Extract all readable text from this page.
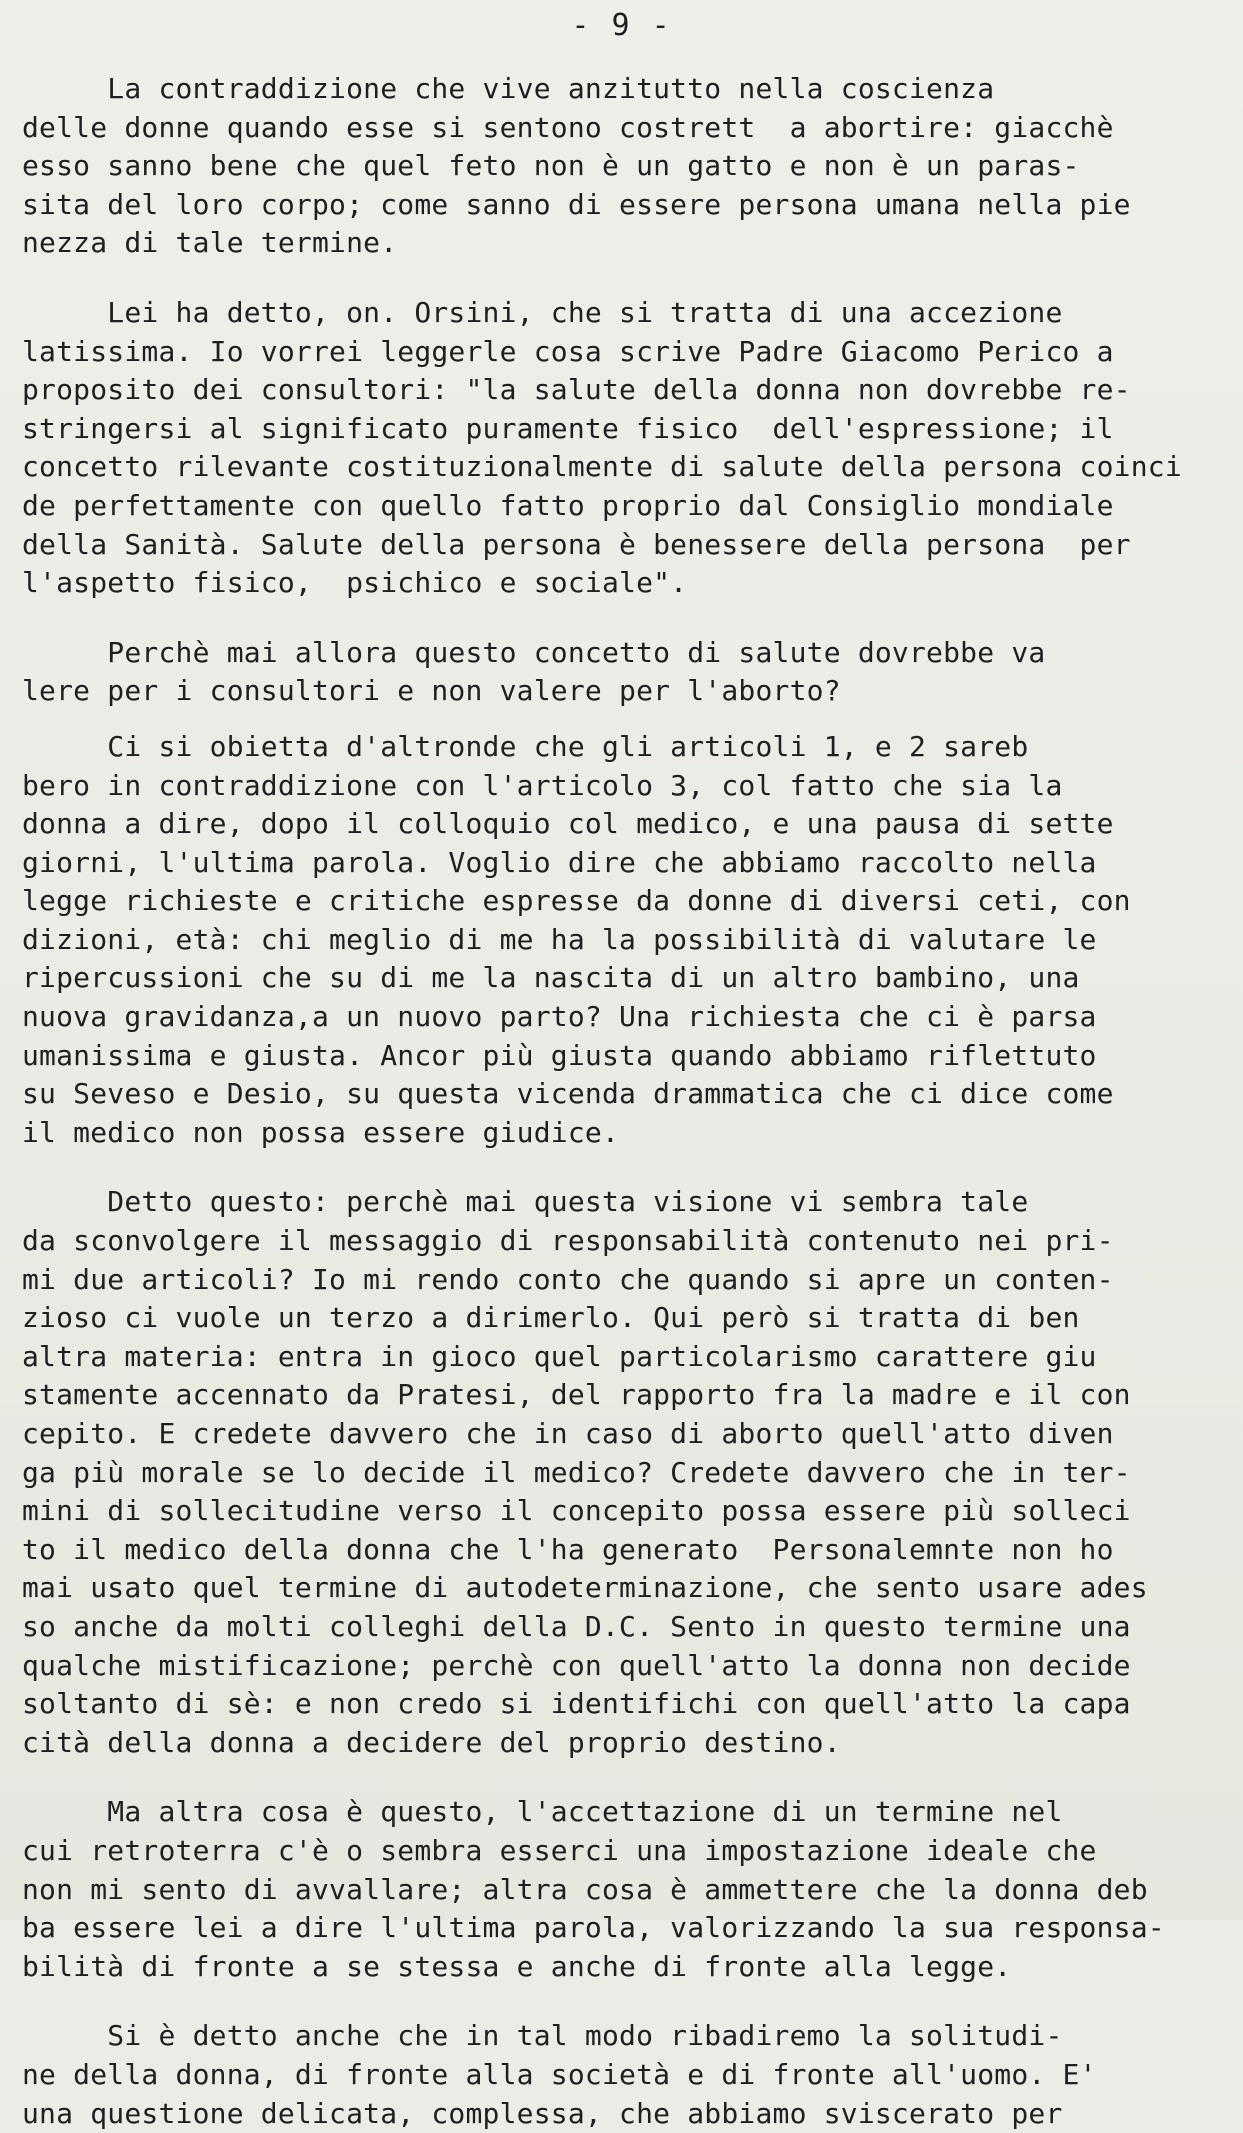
- 9 -
La contraddizione che vive anzitutto nella coscienza
delle donne quando esse si sentono costrett  a abortire: giacchè
esso sanno bene che quel feto non è un gatto e non è un paras-
sita del loro corpo; come sanno di essere persona umana nella pie
nezza di tale termine.
Lei ha detto, on. Orsini, che si tratta di una accezione
latissima. Io vorrei leggerle cosa scrive Padre Giacomo Perico a
proposito dei consultori: "la salute della donna non dovrebbe re-
stringersi al significato puramente fisico  dell'espressione; il
concetto rilevante costituzionalmente di salute della persona coinci
de perfettamente con quello fatto proprio dal Consiglio mondiale
della Sanità. Salute della persona è benessere della persona  per
l'aspetto fisico,  psichico e sociale".
Perchè mai allora questo concetto di salute dovrebbe va
lere per i consultori e non valere per l'aborto?
Ci si obietta d'altronde che gli articoli 1, e 2 sareb
bero in contraddizione con l'articolo 3, col fatto che sia la
donna a dire, dopo il colloquio col medico, e una pausa di sette
giorni, l'ultima parola. Voglio dire che abbiamo raccolto nella
legge richieste e critiche espresse da donne di diversi ceti, con
dizioni, età: chi meglio di me ha la possibilità di valutare le
ripercussioni che su di me la nascita di un altro bambino, una
nuova gravidanza,a un nuovo parto? Una richiesta che ci è parsa
umanissima e giusta. Ancor più giusta quando abbiamo riflettuto
su Seveso e Desio, su questa vicenda drammatica che ci dice come
il medico non possa essere giudice.
Detto questo: perchè mai questa visione vi sembra tale
da sconvolgere il messaggio di responsabilità contenuto nei pri-
mi due articoli? Io mi rendo conto che quando si apre un conten-
zioso ci vuole un terzo a dirimerlo. Qui però si tratta di ben
altra materia: entra in gioco quel particolarismo carattere giu
stamente accennato da Pratesi, del rapporto fra la madre e il con
cepito. E credete davvero che in caso di aborto quell'atto diven
ga più morale se lo decide il medico? Credete davvero che in ter-
mini di sollecitudine verso il concepito possa essere più solleci
to il medico della donna che l'ha generato  Personalemnte non ho
mai usato quel termine di autodeterminazione, che sento usare ades
so anche da molti colleghi della D.C. Sento in questo termine una
qualche mistificazione; perchè con quell'atto la donna non decide
soltanto di sè: e non credo si identifichi con quell'atto la capa
cità della donna a decidere del proprio destino.
Ma altra cosa è questo, l'accettazione di un termine nel
cui retroterra c'è o sembra esserci una impostazione ideale che
non mi sento di avvallare; altra cosa è ammettere che la donna deb
ba essere lei a dire l'ultima parola, valorizzando la sua responsa-
bilità di fronte a se stessa e anche di fronte alla legge.
Si è detto anche che in tal modo ribadiremo la solitudi-
ne della donna, di fronte alla società e di fronte all'uomo. E'
una questione delicata, complessa, che abbiamo sviscerato per
